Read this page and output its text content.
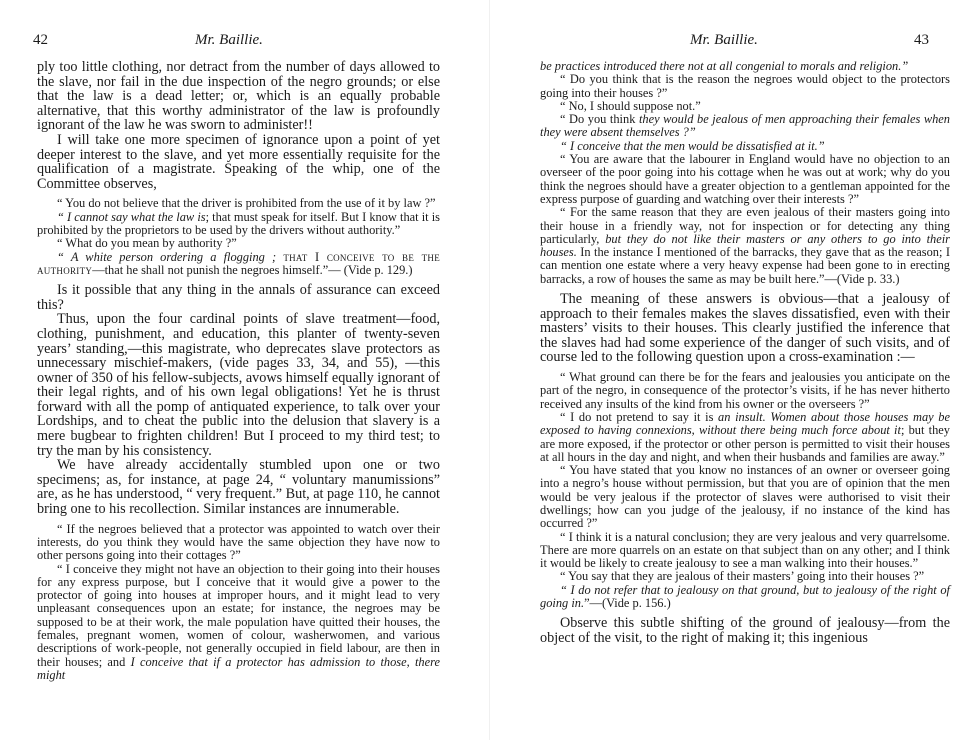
42	Mr. Baillie.

ply too little clothing, nor detract from the number of days allowed to the slave, nor fail in the due inspection of the negro grounds; or else that the law is a dead letter; or, which is an equally probable alternative, that this worthy administrator of the law is profoundly ignorant of the law he was sworn to administer!!

I will take one more specimen of ignorance upon a point of yet deeper interest to the slave, and yet more essentially requisite for the qualification of a magistrate. Speaking of the whip, one of the Committee observes,

“ You do not believe that the driver is prohibited from the use of it by law ?”

“ I cannot say what the law is; that must speak for itself. But I know that it is prohibited by the proprietors to be used by the drivers without authority.”

“ What do you mean by authority ?”

“ A white person ordering a flogging ; that I conceive to be the authority—that he shall not punish the negroes himself.”— (Vide p. 129.)

Is it possible that any thing in the annals of assurance can exceed this?

Thus, upon the four cardinal points of slave treatment—food, clothing, punishment, and education, this planter of twenty-seven years’ standing,—this magistrate, who deprecates slave protectors as unnecessary mischief-makers, (vide pages 33, 34, and 55), —this owner of 350 of his fellow-subjects, avows himself equally ignorant of their legal rights, and of his own legal obligations! Yet he is thrust forward with all the pomp of antiquated experience, to talk over your Lordships, and to cheat the public into the delusion that slavery is a mere bugbear to frighten children! But I proceed to my third test; to try the man by his consistency.

We have already accidentally stumbled upon one or two specimens; as, for instance, at page 24, “ voluntary manumissions” are, as he has understood, “ very frequent.” But, at page 110, he cannot bring one to his recollection. Similar instances are innumerable.

“ If the negroes believed that a protector was appointed to watch over their interests, do you think they would have the same objection they have now to other persons going into their cottages ?”

“ I conceive they might not have an objection to their going into their houses for any express purpose, but I conceive that it would give a power to the protector of going into houses at improper hours, and it might lead to very unpleasant consequences upon an estate; for instance, the negroes may be supposed to be at their work, the male population have quitted their houses, the females, pregnant women, women of colour, washerwomen, and various descriptions of work-people, not generally occupied in field labour, are then in their houses; and I conceive that if a protector has admission to those, there might

Mr. Baillie.	43

be practices introduced there not at all congenial to morals and religion.”

“ Do you think that is the reason the negroes would object to the protectors going into their houses ?”

“ No, I should suppose not.”

“ Do you think they would be jealous of men approaching their females when they were absent themselves ?”

“ I conceive that the men would be dissatisfied at it.”

“ You are aware that the labourer in England would have no objection to an overseer of the poor going into his cottage when he was out at work; why do you think the negroes should have a greater objection to a gentleman appointed for the express purpose of guarding and watching over their interests ?”

“ For the same reason that they are even jealous of their masters going into their house in a friendly way, not for inspection or for detecting any thing particularly, but they do not like their masters or any others to go into their houses. In the instance I mentioned of the barracks, they gave that as the reason; I can mention one estate where a very heavy expense had been gone to in erecting barracks, a row of houses the same as may be built here.”—(Vide p. 33.)

The meaning of these answers is obvious—that a jealousy of approach to their females makes the slaves dissatisfied, even with their masters’ visits to their houses. This clearly justified the inference that the slaves had had some experience of the danger of such visits, and of course led to the following question upon a cross-examination :—

“ What ground can there be for the fears and jealousies you anticipate on the part of the negro, in consequence of the protector’s visits, if he has never hitherto received any insults of the kind from his owner or the overseers ?”

“ I do not pretend to say it is an insult. Women about those houses may be exposed to having connexions, without there being much force about it; but they are more exposed, if the protector or other person is permitted to visit their houses at all hours in the day and night, and when their husbands and families are away.”

“ You have stated that you know no instances of an owner or overseer going into a negro’s house without permission, but that you are of opinion that the men would be very jealous if the protector of slaves were authorised to visit their dwellings; how can you judge of the jealousy, if no instance of the kind has occurred ?”

“ I think it is a natural conclusion; they are very jealous and very quarrelsome. There are more quarrels on an estate on that subject than on any other; and I think it would be likely to create jealousy to see a man walking into their houses.”

“ You say that they are jealous of their masters’ going into their houses ?”

“ I do not refer that to jealousy on that ground, but to jealousy of the right of going in.”—(Vide p. 156.)

Observe this subtle shifting of the ground of jealousy—from the object of the visit, to the right of making it; this ingenious
